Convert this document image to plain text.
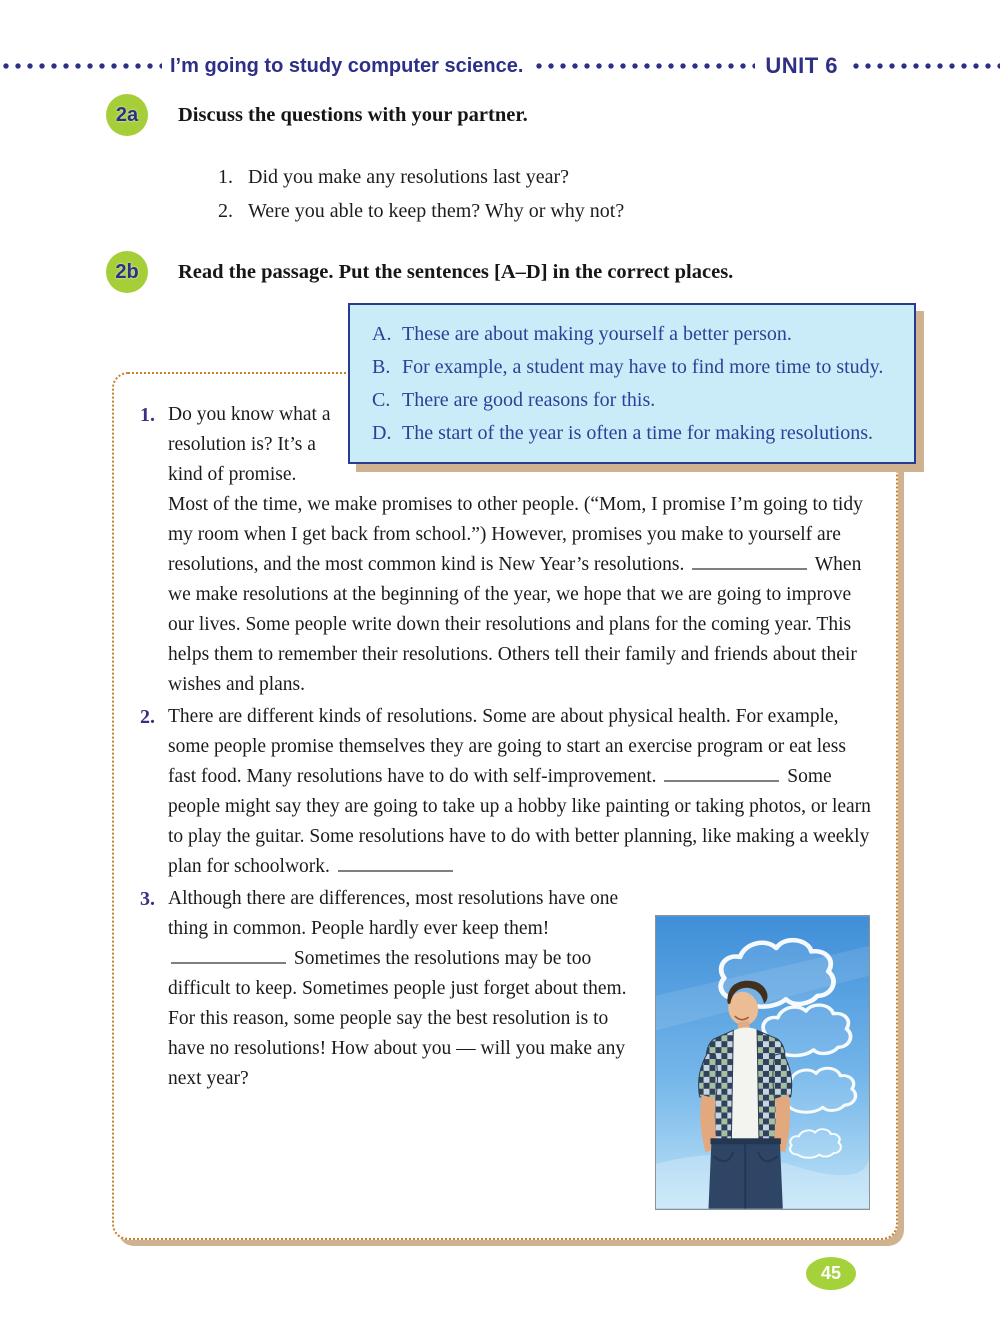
I’m going to study computer science.	UNIT 6
2a Discuss the questions with your partner.
1. Did you make any resolutions last year?
2. Were you able to keep them? Why or why not?
2b Read the passage. Put the sentences [A–D] in the correct places.
1. Do you know what a resolution is? It’s a kind of promise. Most of the time, we make promises to other people. (“Mom, I promise I’m going to tidy my room when I get back from school.”) However, promises you make to yourself are resolutions, and the most common kind is New Year’s resolutions.	When we make resolutions at the beginning of the year, we hope that we are going to improve our lives. Some people write down their resolutions and plans for the coming year. This helps them to remember their resolutions. Others tell their family and friends about their wishes and plans.
2. There are different kinds of resolutions. Some are about physical health. For example, some people promise themselves they are going to start an exercise program or eat less fast food. Many resolutions have to do with self-improvement.	Some people might say they are going to take up a hobby like painting or taking photos, or learn to play the guitar. Some resolutions have to do with better planning, like making a weekly plan for schoolwork.
3. Although there are differences, most resolutions have one thing in common. People hardly ever keep them!  Sometimes the resolutions may be too difficult to keep. Sometimes people just forget about them. For this reason, some people say the best resolution is to have no resolutions! How about you — will you make any next year?
A. These are about making yourself a better person.
B. For example, a student may have to find more time to study.
C. There are good reasons for this.
D. The start of the year is often a time for making resolutions.
45
